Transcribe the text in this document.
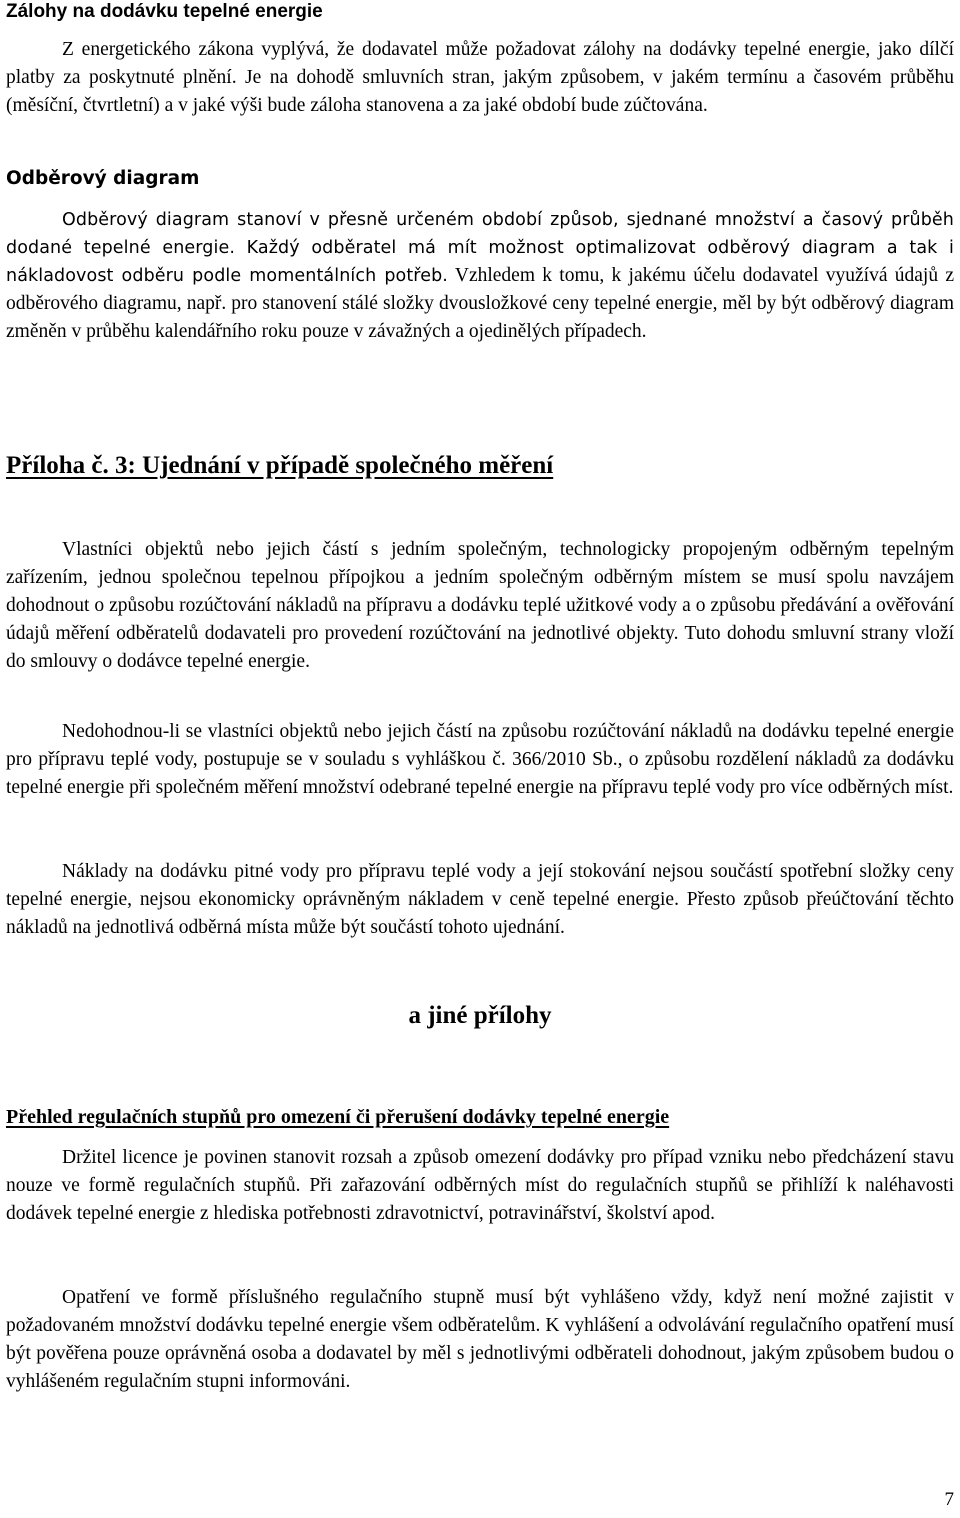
Zálohy na dodávku tepelné energie

Z energetického zákona vyplývá, že dodavatel může požadovat zálohy na dodávky tepelné energie, jako dílčí platby za poskytnuté plnění. Je na dohodě smluvních stran, jakým způsobem, v jakém termínu a časovém průběhu (měsíční, čtvrtletní) a v jaké výši bude záloha stanovena a za jaké období bude zúčtována.

Odběrový diagram

Odběrový diagram stanoví v přesně určeném období způsob, sjednané množství a časový průběh dodané tepelné energie. Každý odběratel má mít možnost optimalizovat odběrový diagram a tak i nákladovost odběru podle momentálních potřeb. Vzhledem k tomu, k jakému účelu dodavatel využívá údajů z odběrového diagramu, např. pro stanovení stálé složky dvousložkové ceny tepelné energie, měl by být odběrový diagram změněn v průběhu kalendářního roku pouze v závažných a ojedinělých případech.

Příloha č. 3: Ujednání v případě společného měření

Vlastníci objektů nebo jejich částí s jedním společným, technologicky propojeným odběrným tepelným zařízením, jednou společnou tepelnou přípojkou a jedním společným odběrným místem se musí spolu navzájem dohodnout o způsobu rozúčtování nákladů na přípravu a dodávku teplé užitkové vody a o způsobu předávání a ověřování údajů měření odběratelů dodavateli pro provedení rozúčtování na jednotlivé objekty. Tuto dohodu smluvní strany vloží do smlouvy o dodávce tepelné energie.

Nedohodnou-li se vlastníci objektů nebo jejich částí na způsobu rozúčtování nákladů na dodávku tepelné energie pro přípravu teplé vody, postupuje se v souladu s vyhláškou č. 366/2010 Sb., o způsobu rozdělení nákladů za dodávku tepelné energie při společném měření množství odebrané tepelné energie na přípravu teplé vody pro více odběrných míst.

Náklady na dodávku pitné vody pro přípravu teplé vody a její stokování nejsou součástí spotřební složky ceny tepelné energie, nejsou ekonomicky oprávněným nákladem v ceně tepelné energie. Přesto způsob přeúčtování těchto nákladů na jednotlivá odběrná místa může být součástí tohoto ujednání.

a jiné přílohy
Přehled regulačních stupňů pro omezení či přerušení dodávky tepelné energie

Držitel licence je povinen stanovit rozsah a způsob omezení dodávky pro případ vzniku nebo předcházení stavu nouze ve formě regulačních stupňů. Při zařazování odběrných míst do regulačních stupňů se přihlíží k naléhavosti dodávek tepelné energie z hlediska potřebnosti zdravotnictví, potravinářství, školství apod.

Opatření ve formě příslušného regulačního stupně musí být vyhlášeno vždy, když není možné zajistit v požadovaném množství dodávku tepelné energie všem odběratelům. K vyhlášení a odvolávání regulačního opatření musí být pověřena pouze oprávněná osoba a dodavatel by měl s jednotlivými odběrateli dohodnout, jakým způsobem budou o vyhlášeném regulačním stupni informováni.

7
